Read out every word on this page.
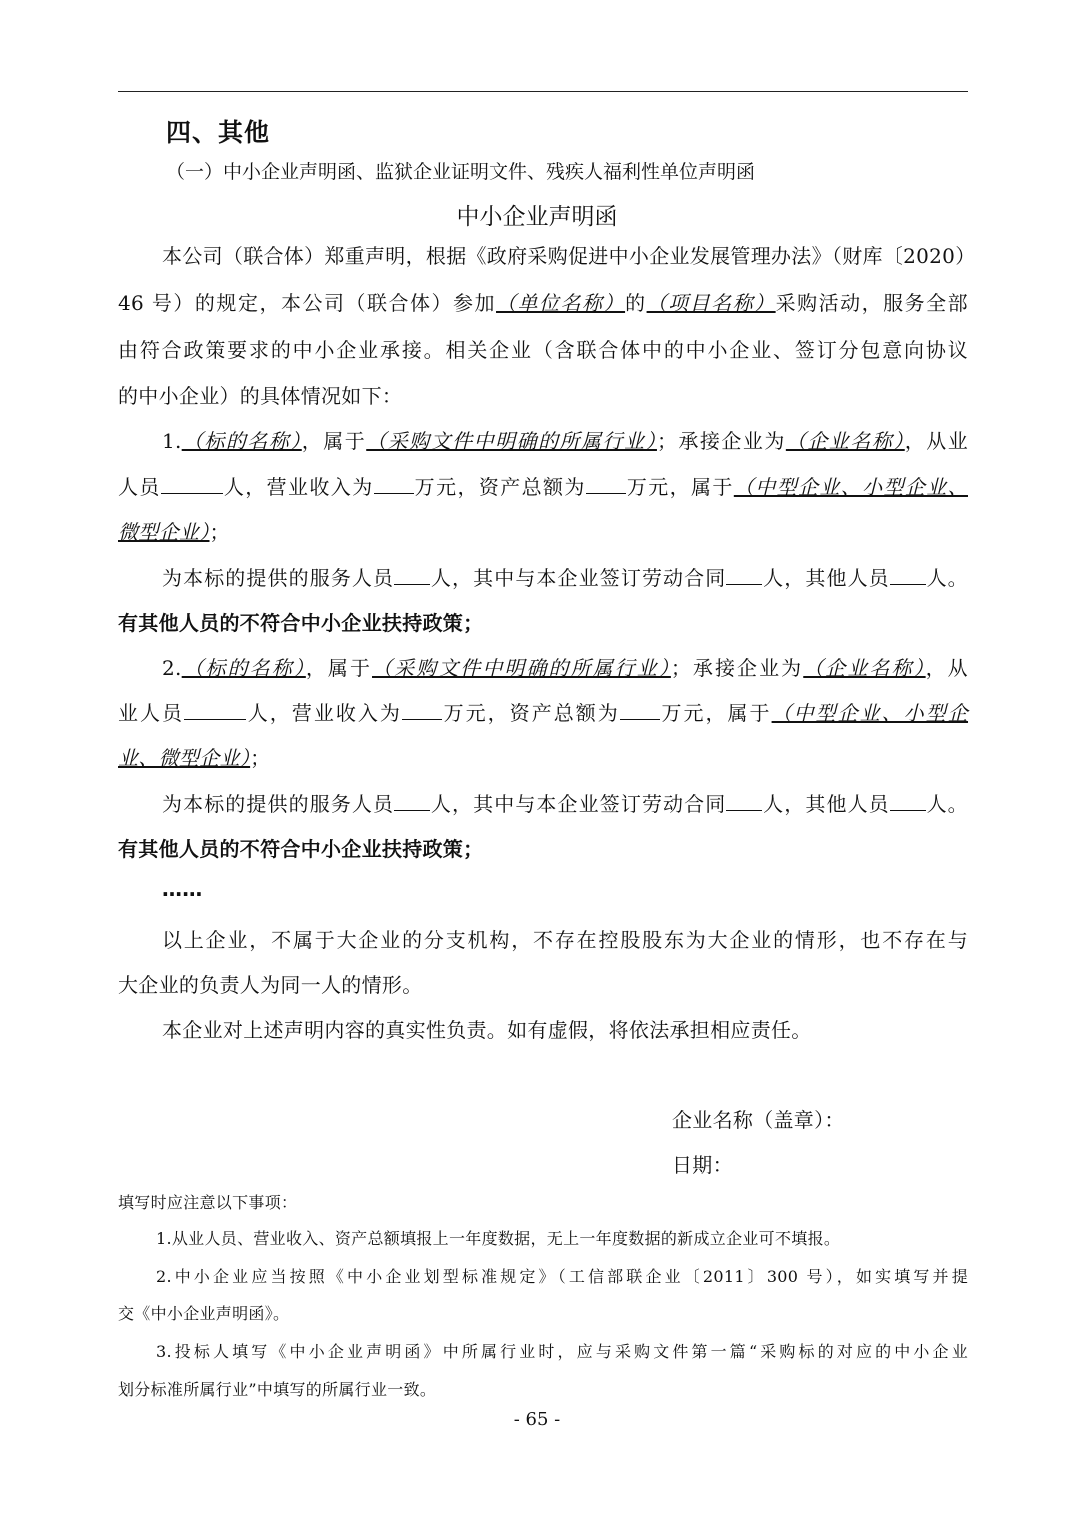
四、其他
（一）中小企业声明函、监狱企业证明文件、残疾人福利性单位声明函
中小企业声明函
本公司（联合体）郑重声明，根据《政府采购促进中小企业发展管理办法》（财库〔2020）
46 号）的规定，本公司（联合体）参加（单位名称）的（项目名称）采购活动，服务全部
由符合政策要求的中小企业承接。相关企业（含联合体中的中小企业、签订分包意向协议
的中小企业）的具体情况如下：
1.（标的名称），属于（采购文件中明确的所属行业）；承接企业为（企业名称），从业
人员	人，营业收入为 万元，资产总额为 万元，属于（中型企业、小型企业、
微型企业）；
为本标的提供的服务人员 人，其中与本企业签订劳动合同 人，其他人员 人。
有其他人员的不符合中小企业扶持政策；
2.（标的名称），属于（采购文件中明确的所属行业）；承接企业为（企业名称），从
业人员	人，营业收入为 万元，资产总额为 万元，属于（中型企业、小型企
业、微型企业）；
为本标的提供的服务人员 人，其中与本企业签订劳动合同 人，其他人员 人。
有其他人员的不符合中小企业扶持政策；
……
以上企业，不属于大企业的分支机构，不存在控股股东为大企业的情形，也不存在与
大企业的负责人为同一人的情形。
本企业对上述声明内容的真实性负责。如有虚假，将依法承担相应责任。
企业名称（盖章）：
日期：
填写时应注意以下事项：
1.从业人员、营业收入、资产总额填报上一年度数据，无上一年度数据的新成立企业可不填报。
2.中小企业应当按照《中小企业划型标准规定》（工信部联企业〔2011〕300 号），如实填写并提
交《中小企业声明函》。
3.投标人填写《中小企业声明函》中所属行业时，应与采购文件第一篇“采购标的对应的中小企业
划分标准所属行业”中填写的所属行业一致。
- 65 -
